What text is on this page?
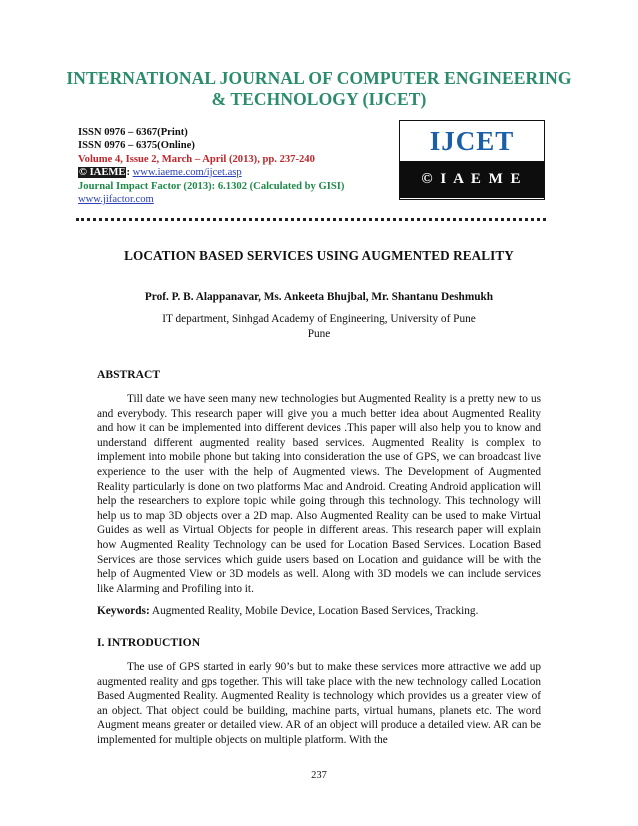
INTERNATIONAL JOURNAL OF COMPUTER ENGINEERING
& TECHNOLOGY (IJCET)
ISSN 0976 – 6367(Print)
ISSN 0976 – 6375(Online)
Volume 4, Issue 2, March – April (2013), pp. 237-240
© IAEME: www.iaeme.com/ijcet.asp
Journal Impact Factor (2013): 6.1302 (Calculated by GISI)
www.jifactor.com
IJCET
© I A E M E
LOCATION BASED SERVICES USING AUGMENTED REALITY
Prof. P. B. Alappanavar, Ms. Ankeeta Bhujbal, Mr. Shantanu Deshmukh
IT department, Sinhgad Academy of Engineering, University of Pune
Pune
ABSTRACT

Till date we have seen many new technologies but Augmented Reality is a pretty new to us and everybody. This research paper will give you a much better idea about Augmented Reality and how it can be implemented into different devices .This paper will also help you to know and understand different augmented reality based services. Augmented Reality is complex to implement into mobile phone but taking into consideration the use of GPS, we can broadcast live experience to the user with the help of Augmented views. The Development of Augmented Reality particularly is done on two platforms Mac and Android. Creating Android application will help the researchers to explore topic while going through this technology. This technology will help us to map 3D objects over a 2D map. Also Augmented Reality can be used to make Virtual Guides as well as Virtual Objects for people in different areas. This research paper will explain how Augmented Reality Technology can be used for Location Based Services. Location Based Services are those services which guide users based on Location and guidance will be with the help of Augmented View or 3D models as well. Along with 3D models we can include services like Alarming and Profiling into it.

Keywords: Augmented Reality, Mobile Device, Location Based Services, Tracking.
I. INTRODUCTION

The use of GPS started in early 90’s but to make these services more attractive we add up augmented reality and gps together. This will take place with the new technology called Location Based Augmented Reality. Augmented Reality is technology which provides us a greater view of an object. That object could be building, machine parts, virtual humans, planets etc. The word Augment means greater or detailed view. AR of an object will produce a detailed view. AR can be implemented for multiple objects on multiple platform. With the

237
